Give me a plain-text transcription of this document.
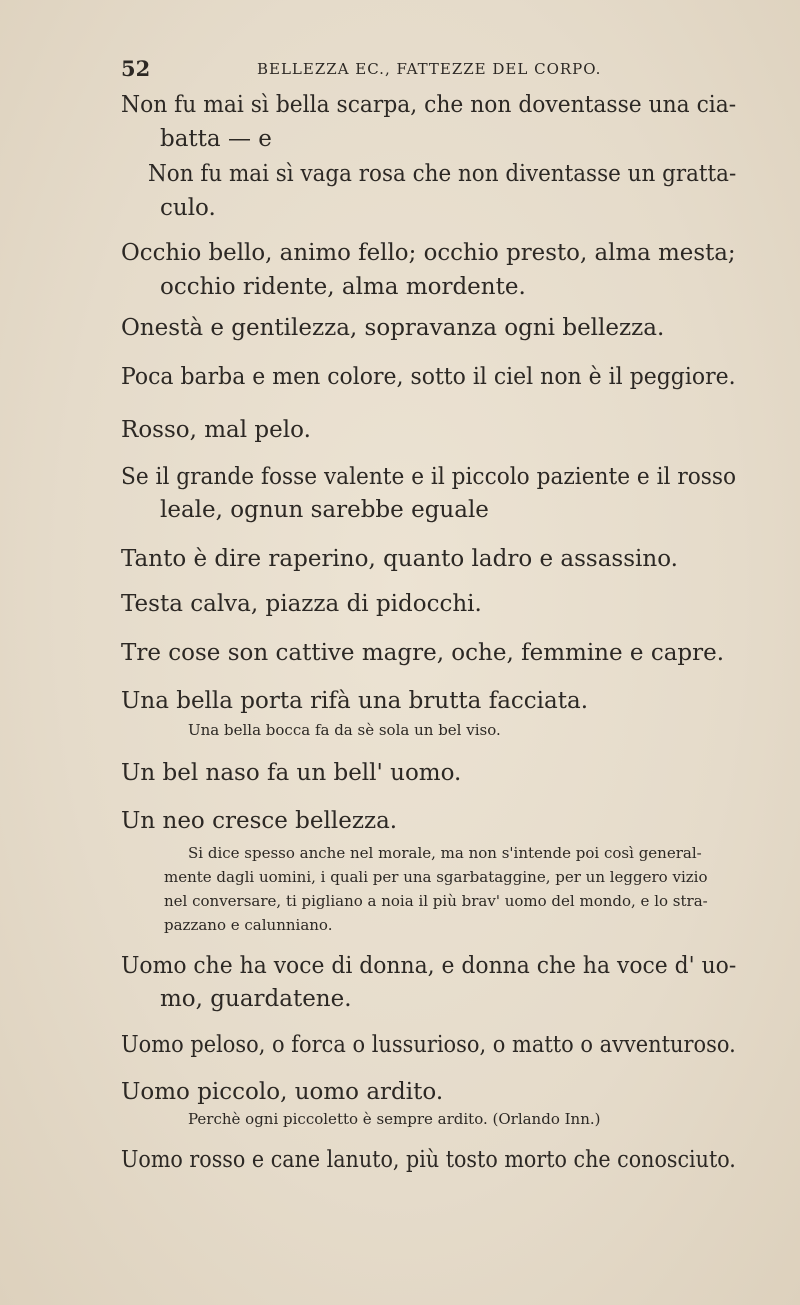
52	BELLEZZA EC., FATTEZZE DEL CORPO.
Non fu mai sì bella scarpa, che non doventasse una cia-
batta — e
Non fu mai sì vaga rosa che non diventasse un gratta-
culo.
Occhio bello, animo fello; occhio presto, alma mesta;
occhio ridente, alma mordente.
Onestà e gentilezza, sopravanza ogni bellezza.
Poca barba e men colore, sotto il ciel non è il peggiore.
Rosso, mal pelo.
Se il grande fosse valente e il piccolo paziente e il rosso
leale, ognun sarebbe eguale
Tanto è dire raperino, quanto ladro e assassino.
Testa calva, piazza di pidocchi.
Tre cose son cattive magre, oche, femmine e capre.
Una bella porta rifà una brutta facciata.
Una bella bocca fa da sè sola un bel viso.
Un bel naso fa un bell' uomo.
Un neo cresce bellezza.
Si dice spesso anche nel morale, ma non s'intende poi così general-
mente dagli uomini, i quali per una sgarbataggine, per un leggero vizio
nel conversare, ti pigliano a noia il più brav' uomo del mondo, e lo stra-
pazzano e calunniano.
Uomo che ha voce di donna, e donna che ha voce d' uo-
mo, guardatene.
Uomo peloso, o forca o lussurioso, o matto o avventuroso.
Uomo piccolo, uomo ardito.
Perchè ogni piccoletto è sempre ardito. (Orlando Inn.)
Uomo rosso e cane lanuto, più tosto morto che conosciuto.
